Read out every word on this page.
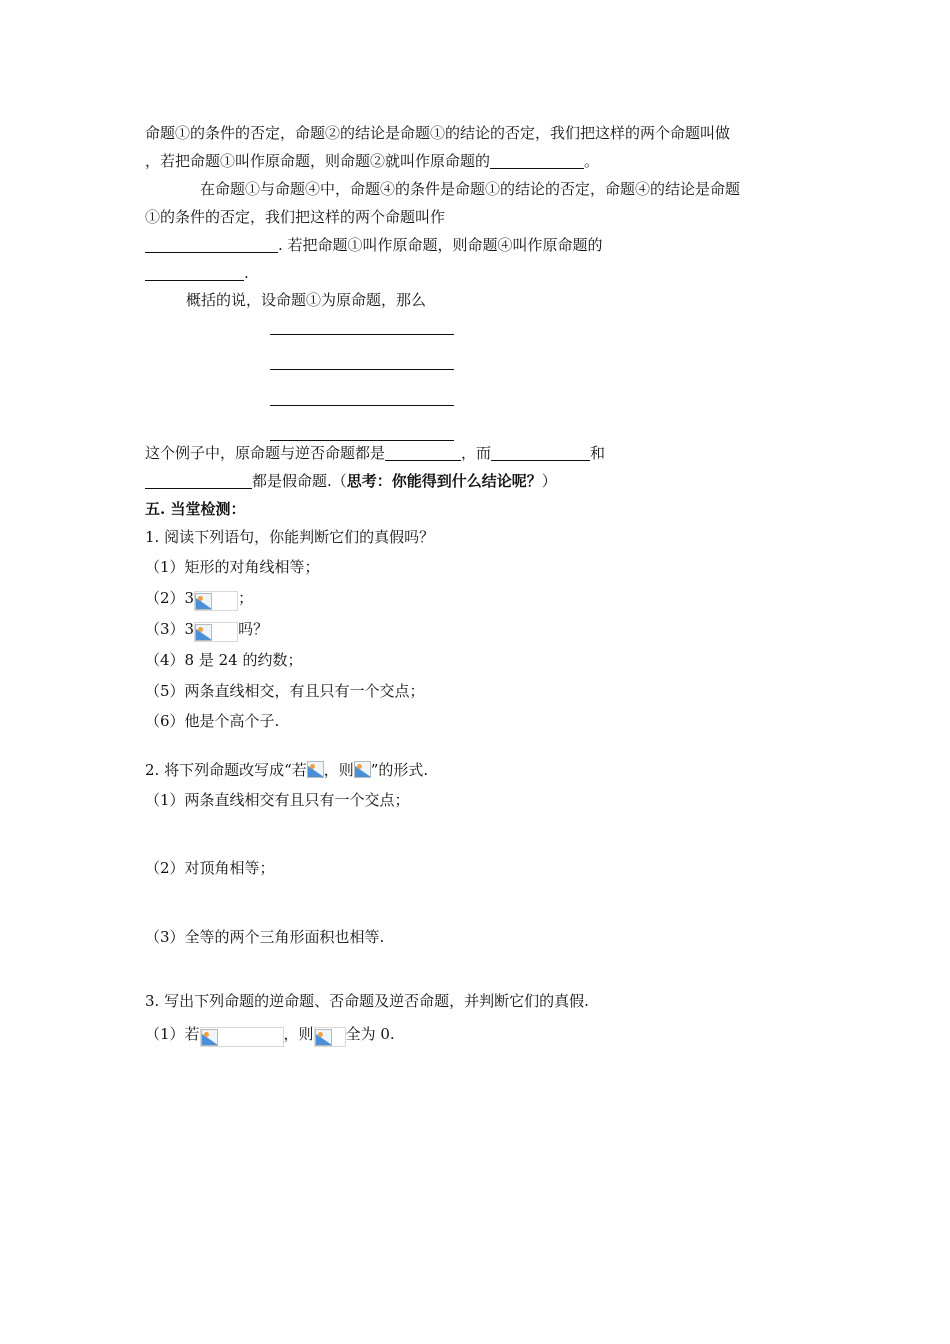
命题①的条件的否定，命题②的结论是命题①的结论的否定，我们把这样的两个命题叫做
，若把命题①叫作原命题，则命题②就叫作原命题的	。
在命题①与命题④中，命题④的条件是命题①的结论的否定，命题④的结论是命题
①的条件的否定，我们把这样的两个命题叫作
. 若把命题①叫作原命题，则命题④叫作原命题的
.
概括的说，设命题①为原命题，那么
这个例子中，原命题与逆否命题都是	，而	和
都是假命题.（思考：你能得到什么结论呢？）
五. 当堂检测：
1. 阅读下列语句，你能判断它们的真假吗？
（1）矩形的对角线相等；
（2）3	；
（3）3	吗？
（4）8 是 24 的约数；
（5）两条直线相交，有且只有一个交点；
（6）他是个高个子.
2. 将下列命题改写成“若 ，则 ”的形式.
（1）两条直线相交有且只有一个交点；
（2）对顶角相等；
（3）全等的两个三角形面积也相等.
3. 写出下列命题的逆命题、否命题及逆否命题，并判断它们的真假.
（1）若	，则 全为 0.
